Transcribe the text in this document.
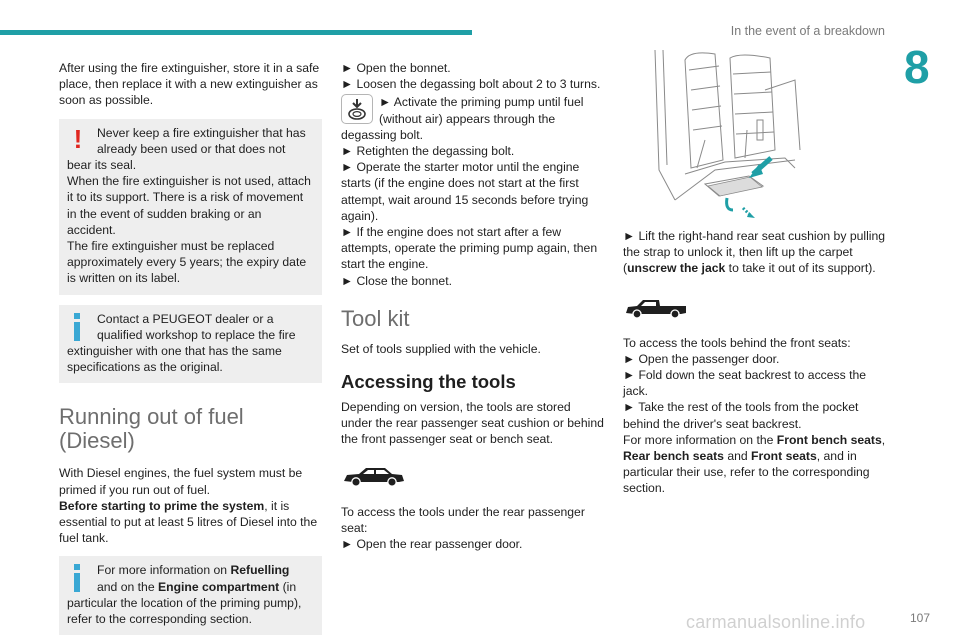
In the event of a breakdown
8

After using the fire extinguisher, store it in a safe place, then replace it with a new extinguisher as soon as possible.

!	Never keep a fire extinguisher that has already been used or that does not bear its seal.
When the fire extinguisher is not used, attach it to its support. There is a risk of movement in the event of sudden braking or an accident.
The fire extinguisher must be replaced approximately every 5 years; the expiry date is written on its label.
Contact a PEUGEOT dealer or a qualified workshop to replace the fire extinguisher with one that has the same specifications as the original.
Running out of fuel (Diesel)

With Diesel engines, the fuel system must be primed if you run out of fuel.

Before starting to prime the system, it is essential to put at least 5 litres of Diesel into the fuel tank.

For more information on Refuelling and on the Engine compartment (in particular the location of the priming pump), refer to the corresponding section.

► Open the bonnet.

► Loosen the degassing bolt about 2 to 3 turns.

► Activate the priming pump until fuel (without air) appears through the degassing bolt.

► Retighten the degassing bolt.

► Operate the starter motor until the engine starts (if the engine does not start at the first attempt, wait around 15 seconds before trying again).

► If the engine does not start after a few attempts, operate the priming pump again, then start the engine.

► Close the bonnet.

Tool kit

Set of tools supplied with the vehicle.

Accessing the tools

Depending on version, the tools are stored under the rear passenger seat cushion or behind the front passenger seat or bench seat.

To access the tools under the rear passenger seat:

► Open the rear passenger door.

► Lift the right-hand rear seat cushion by pulling the strap to unlock it, then lift up the carpet (unscrew the jack to take it out of its support).

To access the tools behind the front seats:

► Open the passenger door.

► Fold down the seat backrest to access the jack.

► Take the rest of the tools from the pocket behind the driver's seat backrest.

For more information on the Front bench seats, Rear bench seats and Front seats, and in particular their use, refer to the corresponding section.

carmanualsonline.info	107
